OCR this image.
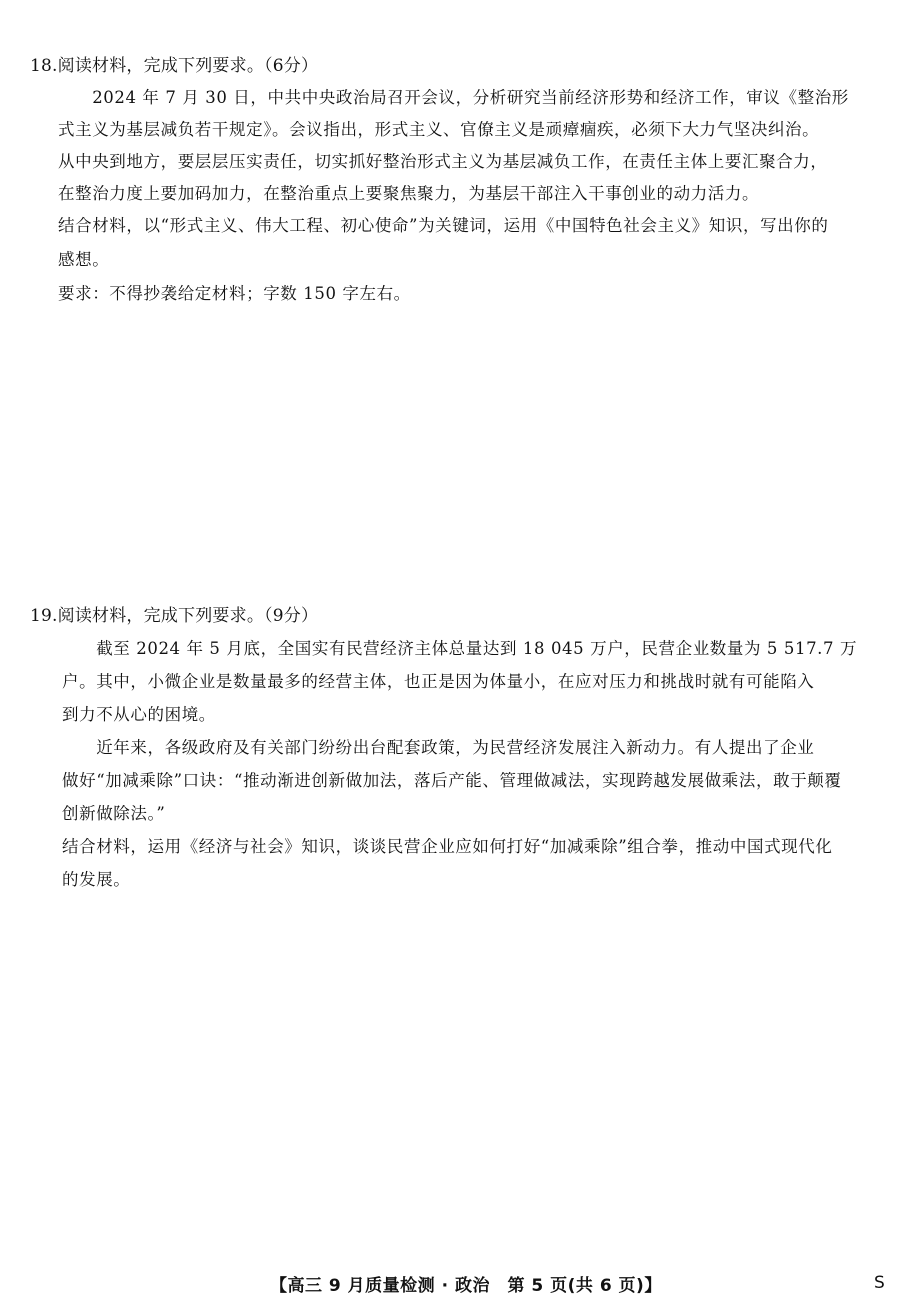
18.阅读材料，完成下列要求。（6分）
　　2024 年 7 月 30 日，中共中央政治局召开会议，分析研究当前经济形势和经济工作，审议《整治形
式主义为基层减负若干规定》。会议指出，形式主义、官僚主义是顽瘴痼疾，必须下大力气坚决纠治。
从中央到地方，要层层压实责任，切实抓好整治形式主义为基层减负工作，在责任主体上要汇聚合力，
在整治力度上要加码加力，在整治重点上要聚焦聚力，为基层干部注入干事创业的动力活力。
结合材料，以“形式主义、伟大工程、初心使命”为关键词，运用《中国特色社会主义》知识，写出你的
感想。
要求：不得抄袭给定材料；字数 150 字左右。
19.阅读材料，完成下列要求。（9分）
　　截至 2024 年 5 月底，全国实有民营经济主体总量达到 18 045 万户，民营企业数量为 5 517.7 万
户。其中，小微企业是数量最多的经营主体，也正是因为体量小，在应对压力和挑战时就有可能陷入
到力不从心的困境。
　　近年来，各级政府及有关部门纷纷出台配套政策，为民营经济发展注入新动力。有人提出了企业
做好“加减乘除”口诀：“推动渐进创新做加法，落后产能、管理做减法，实现跨越发展做乘法，敢于颠覆
创新做除法。”
结合材料，运用《经济与社会》知识，谈谈民营企业应如何打好“加减乘除”组合拳，推动中国式现代化
的发展。
【高三 9 月质量检测 · 政治　第 5 页(共 6 页)】	S
